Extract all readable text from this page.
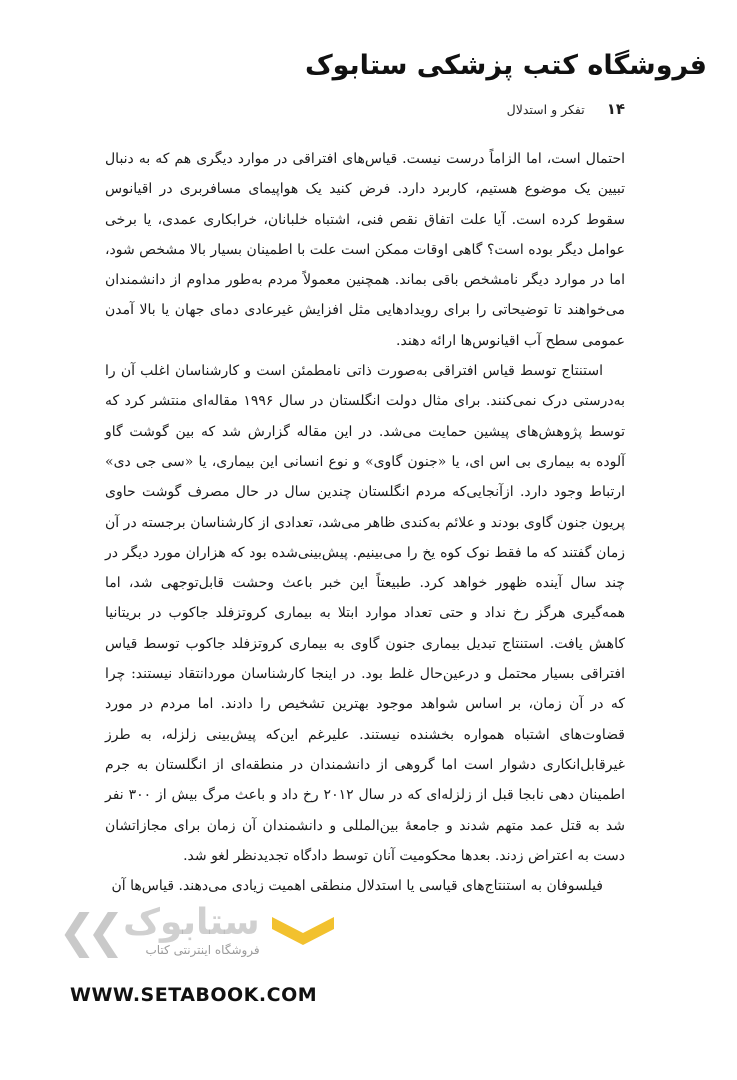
فروشگاه کتب پزشکی ستابوک
۱۴
تفکر و استدلال

احتمال است، اما الزاماً درست نیست. قیاس‌های افتراقی در موارد دیگری هم که به دنبال تبیین یک موضوع هستیم، کاربرد دارد. فرض کنید یک هواپیمای مسافربری در اقیانوس سقوط کرده است. آیا علت اتفاق نقص فنی، اشتباه خلبانان، خرابکاری عمدی، یا برخی عوامل دیگر بوده است؟ گاهی اوقات ممکن است علت با اطمینان بسیار بالا مشخص شود، اما در موارد دیگر نامشخص باقی بماند. همچنین معمولاً مردم به‌طور مداوم از دانشمندان می‌خواهند تا توضیحاتی را برای رویدادهایی مثل افزایش غیرعادی دمای جهان یا بالا آمدن عمومی سطح آب اقیانوس‌ها ارائه دهند.

استنتاج توسط قیاس افتراقی به‌صورت ذاتی نامطمئن است و کارشناسان اغلب آن را به‌درستی درک نمی‌کنند. برای مثال دولت انگلستان در سال ۱۹۹۶ مقاله‌ای منتشر کرد که توسط پژوهش‌های پیشین حمایت می‌شد. در این مقاله گزارش شد که بین گوشت گاو آلوده به بیماری بی اس ای، یا «جنون گاوی» و نوع انسانی این بیماری، یا «سی جی دی» ارتباط وجود دارد. ازآنجایی‌که مردم انگلستان چندین سال در حال مصرف گوشت حاوی پریون جنون گاوی بودند و علائم به‌کندی ظاهر می‌شد، تعدادی از کارشناسان برجسته در آن زمان گفتند که ما فقط نوک کوه یخ را می‌بینیم. پیش‌بینی‌شده بود که هزاران مورد دیگر در چند سال آینده ظهور خواهد کرد. طبیعتاً این خبر باعث وحشت قابل‌توجهی شد، اما همه‌گیری هرگز رخ نداد و حتی تعداد موارد ابتلا به بیماری کروتزفلد جاکوب در بریتانیا کاهش یافت. استنتاج تبدیل بیماری جنون گاوی به بیماری کروتزفلد جاکوب توسط قیاس افتراقی بسیار محتمل و درعین‌حال غلط بود. در اینجا کارشناسان موردانتقاد نیستند: چرا که در آن زمان، بر اساس شواهد موجود بهترین تشخیص را دادند. اما مردم در مورد قضاوت‌های اشتباه همواره بخشنده نیستند. علیرغم این‌که پیش‌بینی زلزله، به طرز غیرقابل‌انکاری دشوار است اما گروهی از دانشمندان در منطقه‌ای از انگلستان به جرم اطمینان دهی نابجا قبل از زلزله‌ای که در سال ۲۰۱۲ رخ داد و باعث مرگ بیش از ۳۰۰ نفر شد به قتل عمد متهم شدند و جامعهٔ بین‌المللی و دانشمندان آن زمان برای مجازاتشان دست به اعتراض زدند. بعدها محکومیت آنان توسط دادگاه تجدیدنظر لغو شد.

فیلسوفان به استنتاج‌های قیاسی یا استدلال منطقی اهمیت زیادی می‌دهند. قیاس‌ها آن

❮❮ ستابوک
فروشگاه اینترنتی کتاب
WWW.SETABOOK.COM
